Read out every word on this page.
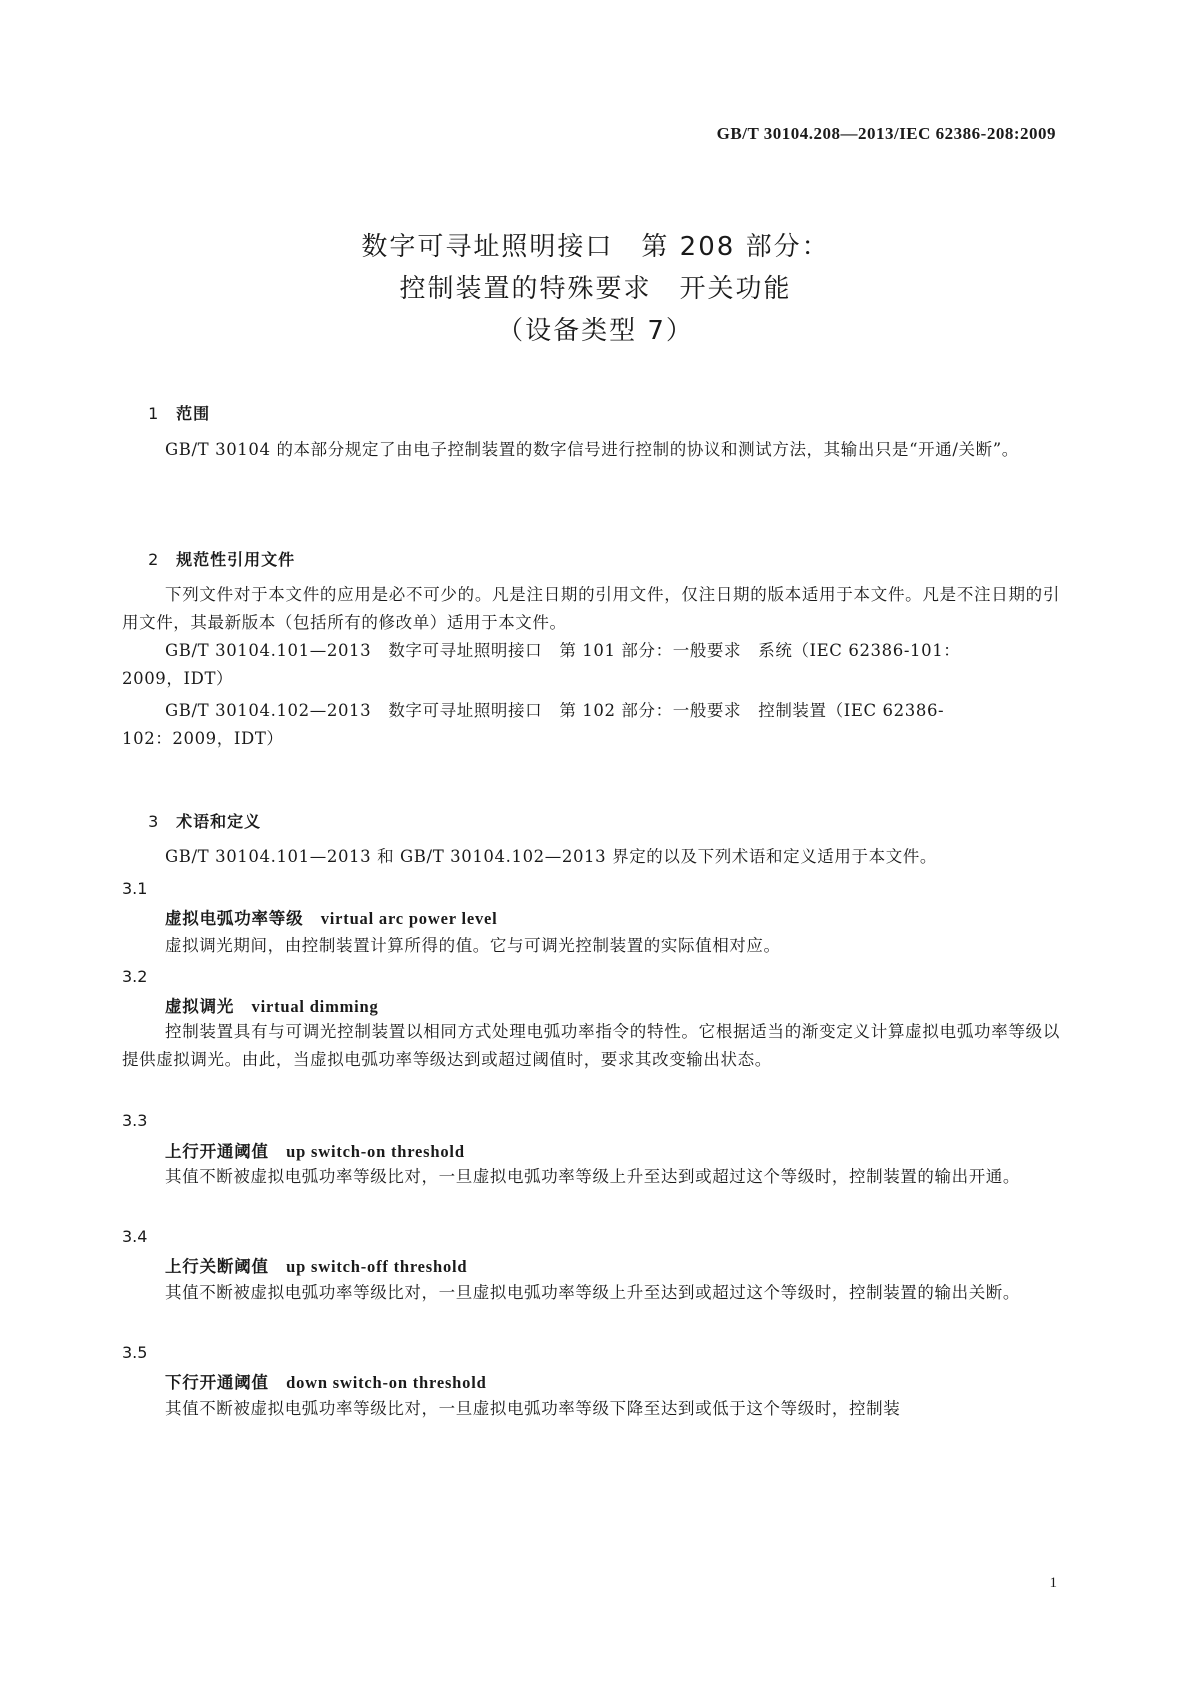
GB/T 30104.208—2013/IEC 62386-208:2009
数字可寻址照明接口　第 208 部分：
控制装置的特殊要求　开关功能
（设备类型 7）

1 范围

GB/T 30104 的本部分规定了由电子控制装置的数字信号进行控制的协议和测试方法，其输出只是“开通/关断”。

2 规范性引用文件

下列文件对于本文件的应用是必不可少的。凡是注日期的引用文件，仅注日期的版本适用于本文件。凡是不注日期的引用文件，其最新版本（包括所有的修改单）适用于本文件。
GB/T 30104.101—2013　数字可寻址照明接口　第 101 部分：一般要求　系统（IEC 62386-101：
2009，IDT）
GB/T 30104.102—2013　数字可寻址照明接口　第 102 部分：一般要求　控制装置（IEC 62386-
102：2009，IDT）

3 术语和定义

GB/T 30104.101—2013 和 GB/T 30104.102—2013 界定的以及下列术语和定义适用于本文件。
3.1
虚拟电弧功率等级　 virtual arc power level
虚拟调光期间，由控制装置计算所得的值。它与可调光控制装置的实际值相对应。
3.2
虚拟调光　 virtual dimming
控制装置具有与可调光控制装置以相同方式处理电弧功率指令的特性。它根据适当的渐变定义计算虚拟电弧功率等级以提供虚拟调光。由此，当虚拟电弧功率等级达到或超过阈值时，要求其改变输出状态。
3.3
上行开通阈值　 up switch-on threshold
其值不断被虚拟电弧功率等级比对，一旦虚拟电弧功率等级上升至达到或超过这个等级时，控制装置的输出开通。
3.4
上行关断阈值　 up switch-off threshold
其值不断被虚拟电弧功率等级比对，一旦虚拟电弧功率等级上升至达到或超过这个等级时，控制装置的输出关断。
3.5
下行开通阈值　 down switch-on threshold
其值不断被虚拟电弧功率等级比对，一旦虚拟电弧功率等级下降至达到或低于这个等级时，控制装
1
